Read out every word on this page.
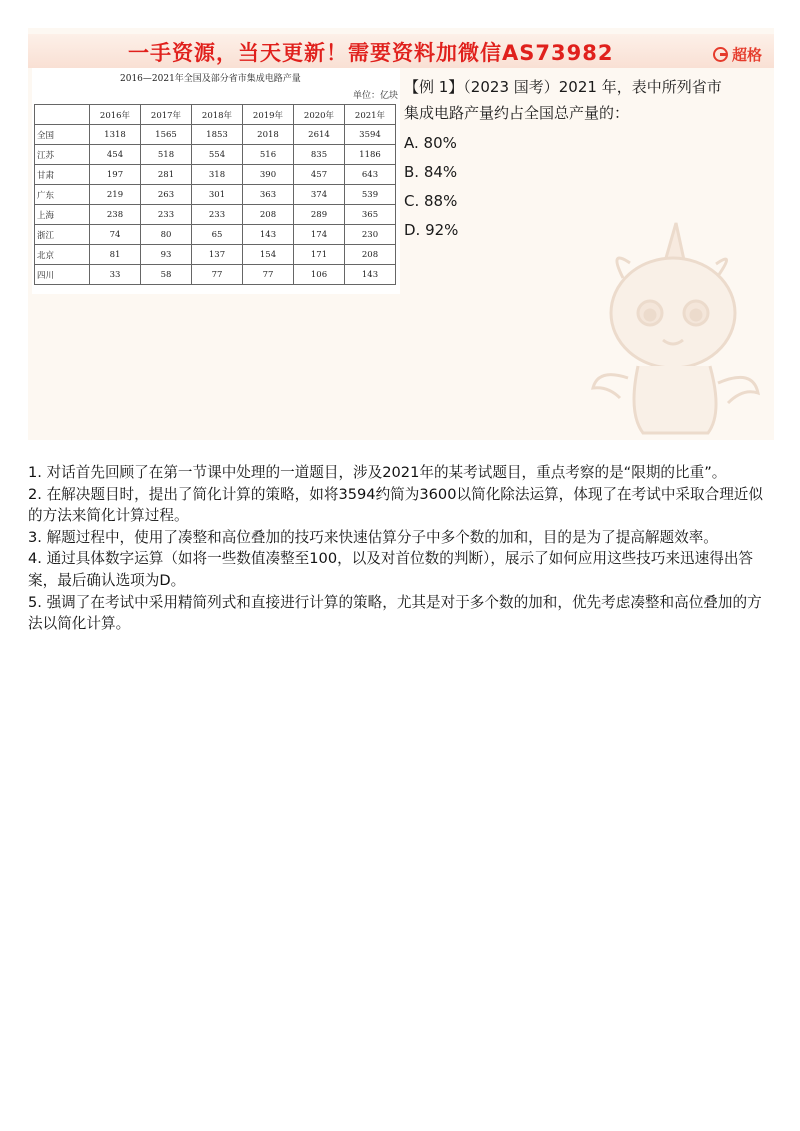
一手资源，当天更新！需要资料加微信AS73982	超格
2016—2021年全国及部分省市集成电路产量
单位：亿块
	2016年	2017年	2018年	2019年	2020年	2021年
全国	1318	1565	1853	2018	2614	3594
江苏	454	518	554	516	835	1186
甘肃	197	281	318	390	457	643
广东	219	263	301	363	374	539
上海	238	233	233	208	289	365
浙江	74	80	65	143	174	230
北京	81	93	137	154	171	208
四川	33	58	77	77	106	143
【例 1】（2023 国考）2021 年，表中所列省市
集成电路产量约占全国总产量的：
A. 80%
B. 84%
C. 88%
D. 92%

1. 对话首先回顾了在第一节课中处理的一道题目，涉及2021年的某考试题目，重点考察的是“限期的比重”。

2. 在解决题目时，提出了简化计算的策略，如将3594约简为3600以简化除法运算，体现了在考试中采取合理近似的方法来简化计算过程。

3. 解题过程中，使用了凑整和高位叠加的技巧来快速估算分子中多个数的加和，目的是为了提高解题效率。

4. 通过具体数字运算（如将一些数值凑整至100，以及对首位数的判断），展示了如何应用这些技巧来迅速得出答案，最后确认选项为D。

5. 强调了在考试中采用精简列式和直接进行计算的策略，尤其是对于多个数的加和，优先考虑凑整和高位叠加的方法以简化计算。
